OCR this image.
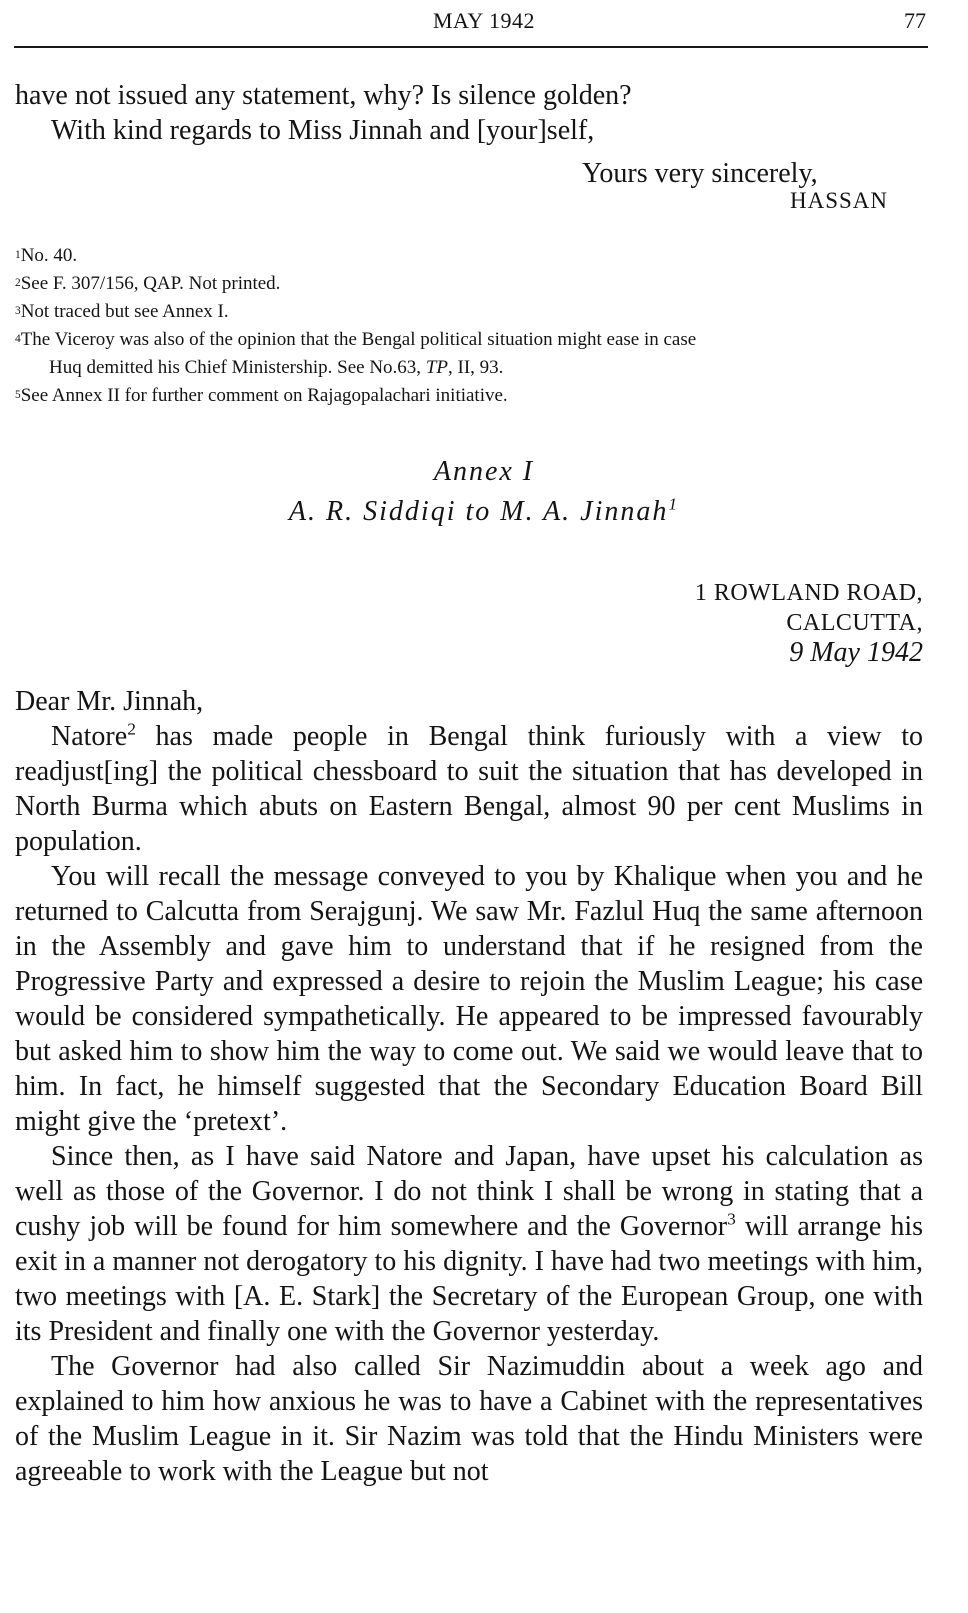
MAY 1942	77
have not issued any statement, why? Is silence golden?
With kind regards to Miss Jinnah and [your]self,
Yours very sincerely,
HASSAN

$^1$No. 40.

$^2$See F. 307/156, QAP. Not printed.

$^3$Not traced but see Annex I.

$^4$The Viceroy was also of the opinion that the Bengal political situation might ease in case

Huq demitted his Chief Ministership. See No.63, TP, II, 93.

$^5$See Annex II for further comment on Rajagopalachari initiative.

Annex I
A. R. Siddiqi to M. A. Jinnah$^1$
1 ROWLAND ROAD,
CALCUTTA,
9 May 1942

Dear Mr. Jinnah,

Natore$^2$ has made people in Bengal think furiously with a view to readjust[ing] the political chessboard to suit the situation that has developed in North Burma which abuts on Eastern Bengal, almost 90 per cent Muslims in population.

You will recall the message conveyed to you by Khalique when you and he returned to Calcutta from Serajgunj. We saw Mr. Fazlul Huq the same afternoon in the Assembly and gave him to understand that if he resigned from the Progressive Party and expressed a desire to rejoin the Muslim League; his case would be considered sympathetically. He appeared to be impressed favourably but asked him to show him the way to come out. We said we would leave that to him. In fact, he himself suggested that the Secondary Education Board Bill might give the ‘pretext’.

Since then, as I have said Natore and Japan, have upset his calculation as well as those of the Governor. I do not think I shall be wrong in stating that a cushy job will be found for him somewhere and the Governor$^3$ will arrange his exit in a manner not derogatory to his dignity. I have had two meetings with him, two meetings with [A. E. Stark] the Secretary of the European Group, one with its President and finally one with the Governor yesterday.

The Governor had also called Sir Nazimuddin about a week ago and explained to him how anxious he was to have a Cabinet with the representatives of the Muslim League in it. Sir Nazim was told that the Hindu Ministers were agreeable to work with the League but not
